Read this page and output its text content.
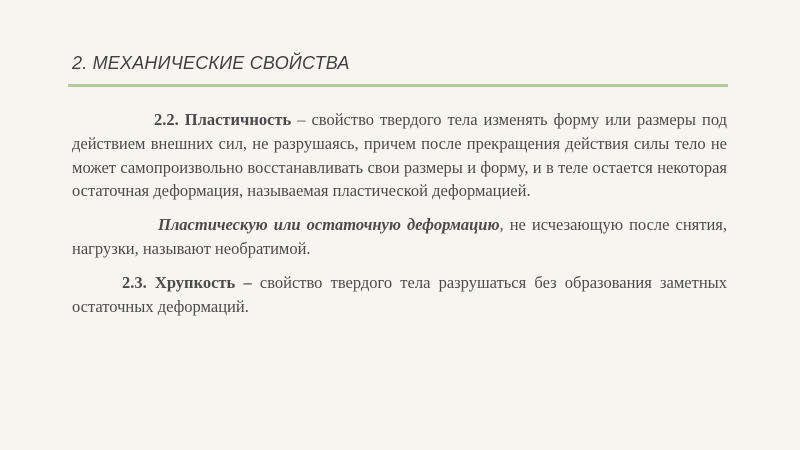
2. МЕХАНИЧЕСКИЕ СВОЙСТВА

2.2. Пластичность – свойство твердого тела изменять форму или размеры под действием внешних сил, не разрушаясь, причем после прекращения действия силы тело не может самопроизвольно восстанавливать свои размеры и форму, и в теле остается некоторая остаточная деформация, называемая пластической деформацией.

Пластическую или остаточную деформацию, не исчезающую после снятия, нагрузки, называют необратимой.

2.3. Хрупкость – свойство твердого тела разрушаться без образования заметных остаточных деформаций.
